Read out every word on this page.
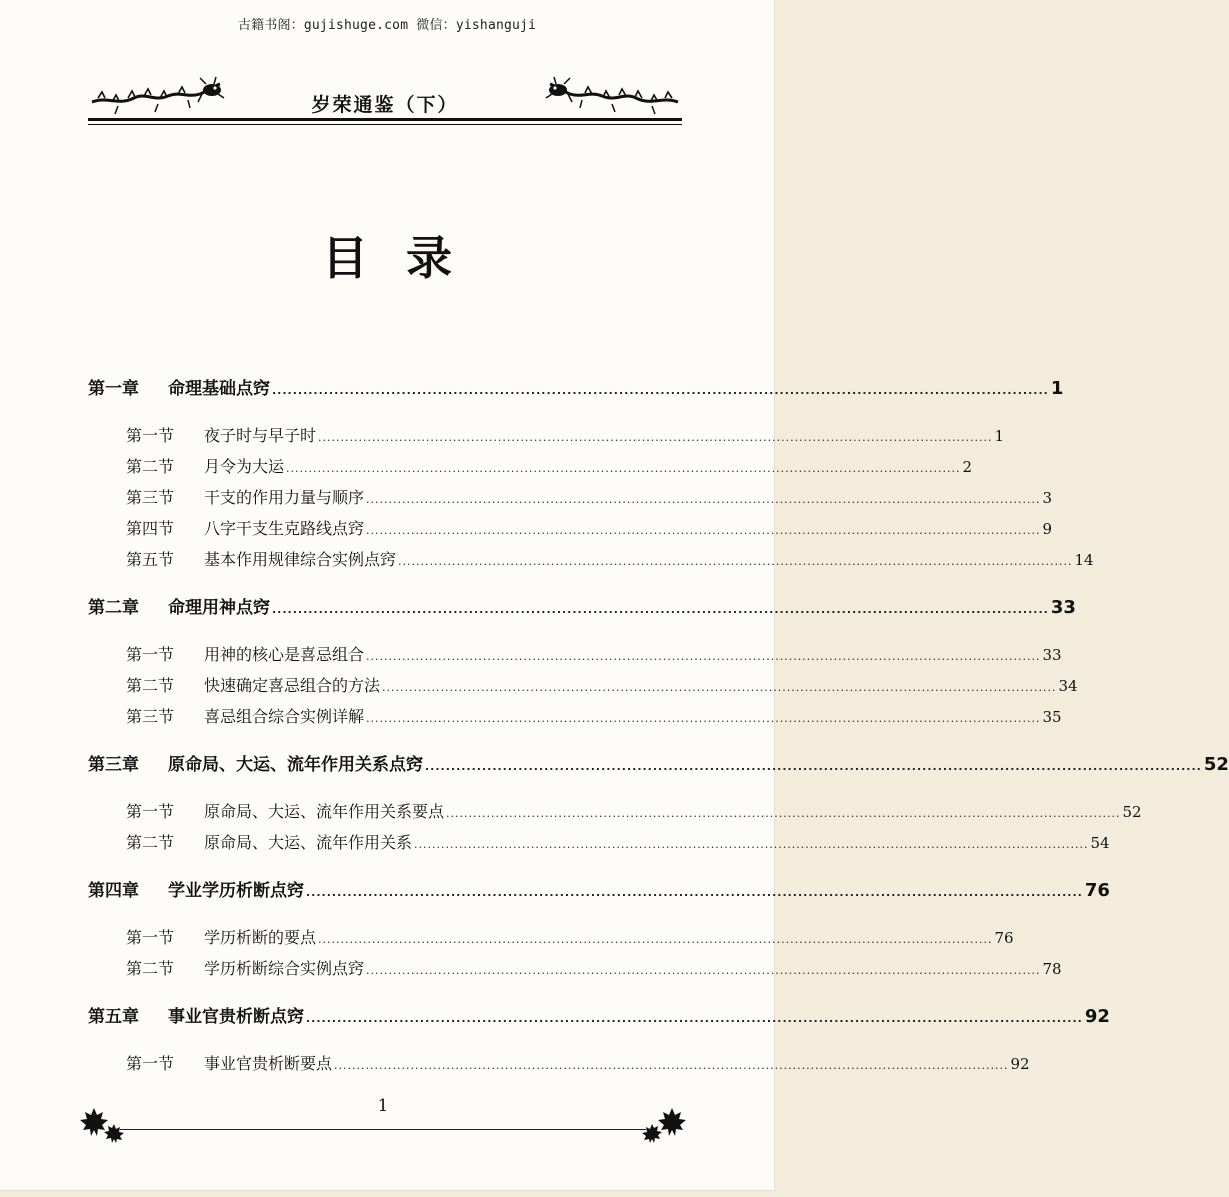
古籍书阁：gujishuge.com 微信：yishanguji
岁荣通鉴（下）
目录
第一章 命理基础点窍 ...................................................................................................................................................... 1
第一节 夜子时与早子时 ...................................................................................................................................................... 1
第二节 月令为大运 ...................................................................................................................................................... 2
第三节 干支的作用力量与顺序 ...................................................................................................................................................... 3
第四节 八字干支生克路线点窍 ...................................................................................................................................................... 9
第五节 基本作用规律综合实例点窍 ...................................................................................................................................................... 14
第二章 命理用神点窍 ...................................................................................................................................................... 33
第一节 用神的核心是喜忌组合 ...................................................................................................................................................... 33
第二节 快速确定喜忌组合的方法 ...................................................................................................................................................... 34
第三节 喜忌组合综合实例详解 ...................................................................................................................................................... 35
第三章 原命局、大运、流年作用关系点窍 ...................................................................................................................................................... 52
第一节 原命局、大运、流年作用关系要点 ...................................................................................................................................................... 52
第二节 原命局、大运、流年作用关系 ...................................................................................................................................................... 54
第四章 学业学历析断点窍 ...................................................................................................................................................... 76
第一节 学历析断的要点 ...................................................................................................................................................... 76
第二节 学历析断综合实例点窍 ...................................................................................................................................................... 78
第五章 事业官贵析断点窍 ...................................................................................................................................................... 92
第一节 事业官贵析断要点 ...................................................................................................................................................... 92
1
